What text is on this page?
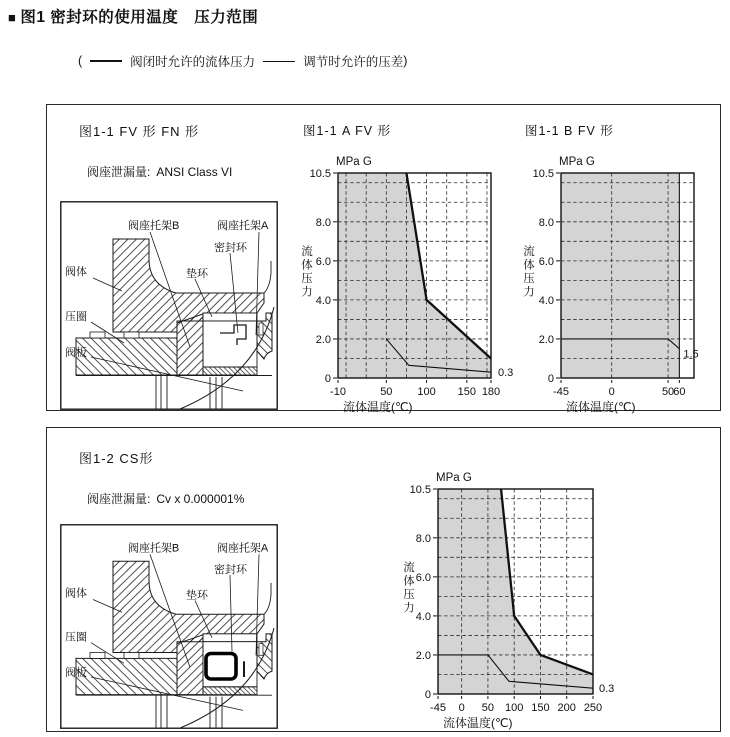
■ 图1 密封环的使用温度　压力范围
(	阀闭时允许的流体压力	调节时允许的压差 )
图1-1 FV 形 FN 形
阀座泄漏量: ANSI Class VI
阀座托架B	阀座托架A
密封环
垫环
阀体
压圈
阀板
图1-1 A FV 形
-10	50 100 150 180
0
2.0
4.0
6.0
8.0
10.5
MPa G
流体温度(℃)
0.3
流体压力
图1-1 B FV 形
-45	0	50 60
0
2.0
4.0
6.0
8.0
10.5
MPa G
流体温度(℃)
1.5
流体压力
图1-2 CS形
阀座泄漏量: Cv x 0.000001%
阀座托架B	阀座托架A
密封环
垫环
阀体
压圈
阀板
-45 0 50 100 150 200 250
0
2.0
4.0
6.0
8.0
10.5
MPa G
流体温度(℃)
0.3
流体压力
